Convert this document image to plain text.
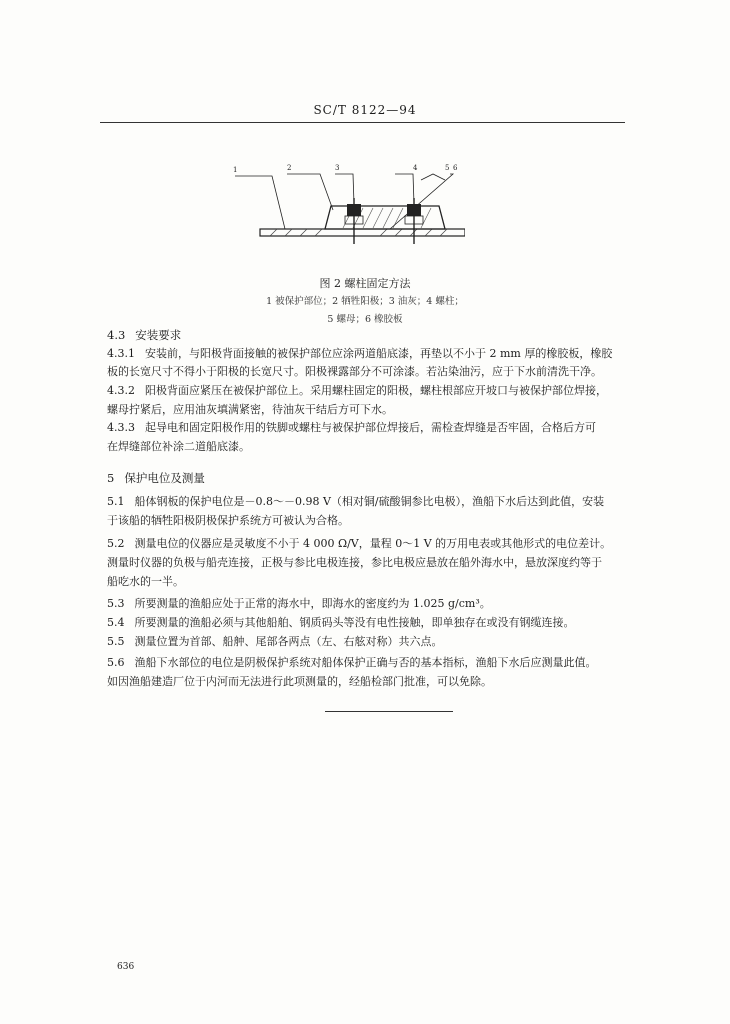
SC/T 8122—94
1	2	3	4	5 6
图 2 螺柱固定方法
1 被保护部位；2 牺牲阳极；3 油灰；4 螺柱；
5 螺母；6 橡胶板
4.3 安装要求
4.3.1 安装前，与阳极背面接触的被保护部位应涂两道船底漆，再垫以不小于 2 mm 厚的橡胶板，橡胶
板的长宽尺寸不得小于阳极的长宽尺寸。阳极裸露部分不可涂漆。若沾染油污，应于下水前清洗干净。
4.3.2 阳极背面应紧压在被保护部位上。采用螺柱固定的阳极，螺柱根部应开坡口与被保护部位焊接，
螺母拧紧后，应用油灰填满紧密，待油灰干结后方可下水。
4.3.3 起导电和固定阳极作用的铁脚或螺柱与被保护部位焊接后，需检查焊缝是否牢固，合格后方可
在焊缝部位补涂二道船底漆。
5 保护电位及测量
5.1 船体钢板的保护电位是－0.8～－0.98 V（相对铜/硫酸铜参比电极），渔船下水后达到此值，安装
于该船的牺牲阳极阴极保护系统方可被认为合格。
5.2 测量电位的仪器应是灵敏度不小于 4 000 Ω/V，量程 0～1 V 的万用电表或其他形式的电位差计。
测量时仪器的负极与船壳连接，正极与参比电极连接，参比电极应悬放在船外海水中，悬放深度约等于
船吃水的一半。
5.3 所要测量的渔船应处于正常的海水中，即海水的密度约为 1.025 g/cm³。
5.4 所要测量的渔船必须与其他船舶、钢质码头等没有电性接触，即单独存在或没有钢缆连接。
5.5 测量位置为首部、船舯、尾部各两点（左、右舷对称）共六点。
5.6 渔船下水部位的电位是阴极保护系统对船体保护正确与否的基本指标，渔船下水后应测量此值。
如因渔船建造厂位于内河而无法进行此项测量的，经船检部门批准，可以免除。
636
